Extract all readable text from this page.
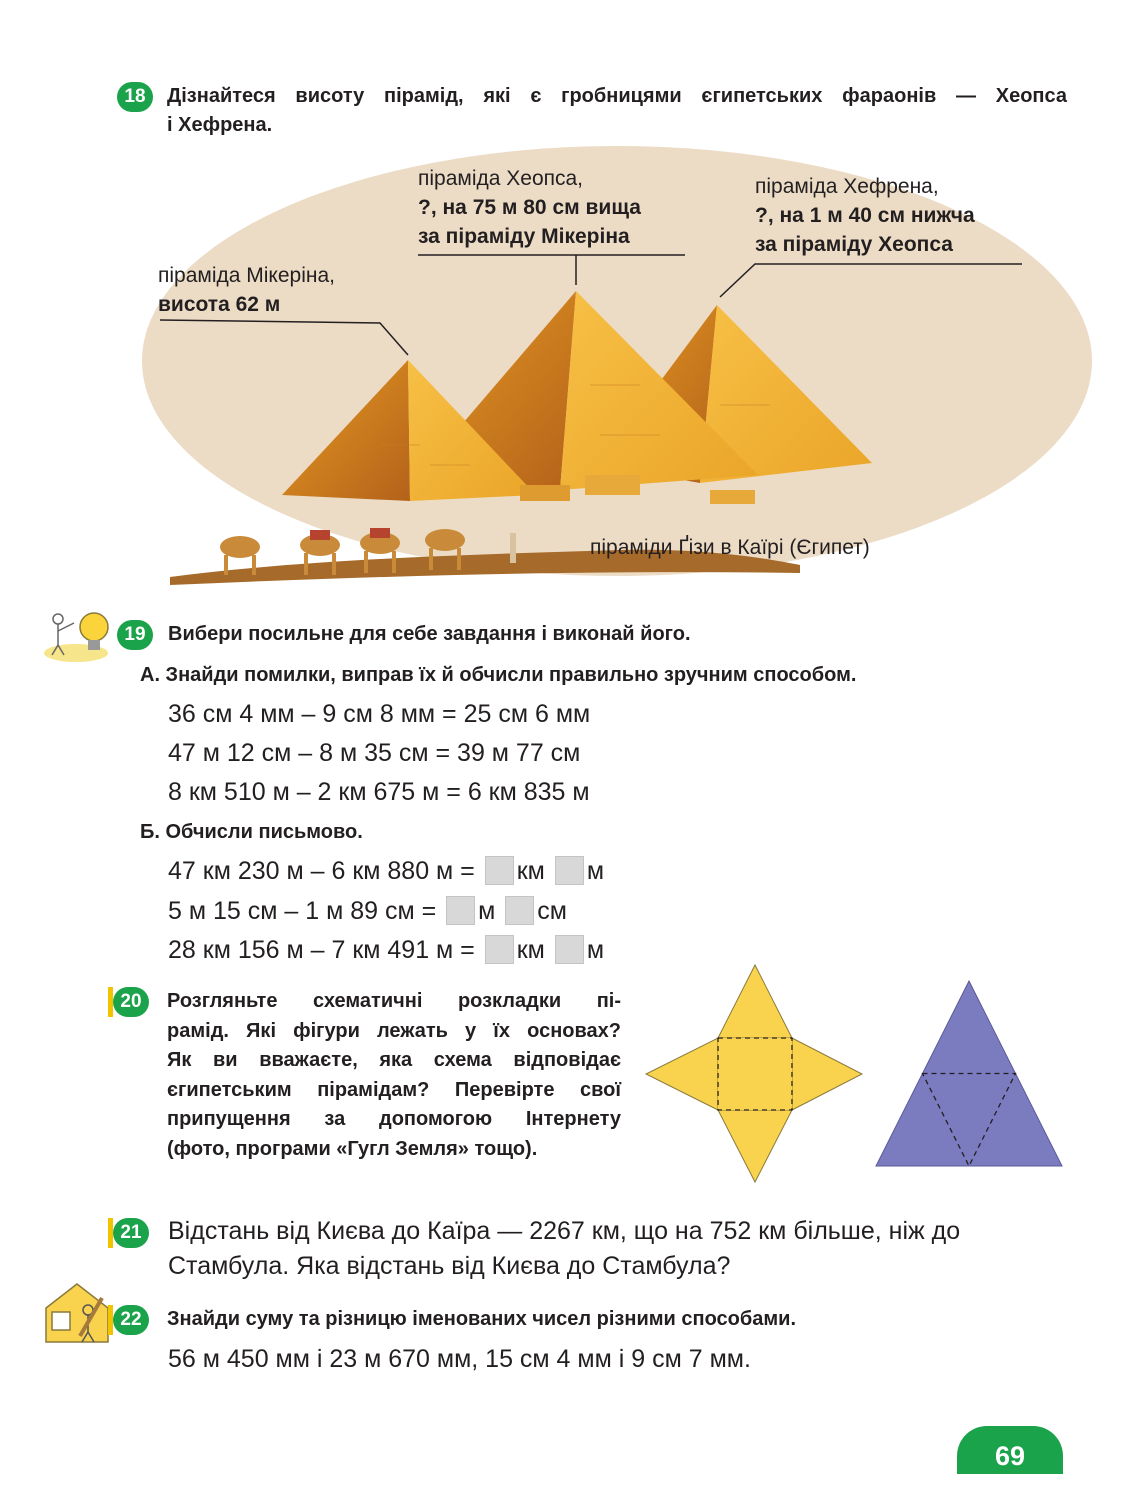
18	Дізнайтеся висоту пірамід, які є гробницями єгипетських фараонів — Хеопса
і Хефрена.
піраміда Мікеріна,
висота 62 м
піраміда Хеопса,
?, на 75 м 80 см вища
за піраміду Мікеріна
піраміда Хефрена,
?, на 1 м 40 см нижча
за піраміду Хеопса
піраміди Ґізи в Каїрі (Єгипет)
19	Вибери посильне для себе завдання і виконай його.
А. Знайди помилки, виправ їх й обчисли правильно зручним способом.
36 см 4 мм – 9 см 8 мм = 25 см 6 мм
47 м 12 см – 8 м 35 см = 39 м 77 см
8 км 510 м – 2 км 675 м = 6 км 835 м
Б. Обчисли письмово.
47 км 230 м – 6 км 880 м = км м
5 м 15 см – 1 м 89 см = м см
28 км 156 м – 7 км 491 м = км м
20	Розгляньте схематичні розкладки пі-
рамід. Які фігури лежать у їх основах?
Як ви вважаєте, яка схема відповідає
єгипетським пірамідам? Перевірте свої
припущення за допомогою Інтернету
(фото, програми «Гугл Земля» тощо).
21 Відстань від Києва до Каїра — 2267 км, що на 752 км більше, ніж до
Стамбула. Яка відстань від Києва до Стамбула?
22	Знайди суму та різницю іменованих чисел різними способами.
56 м 450 мм і 23 м 670 мм, 15 см 4 мм і 9 см 7 мм.
69
